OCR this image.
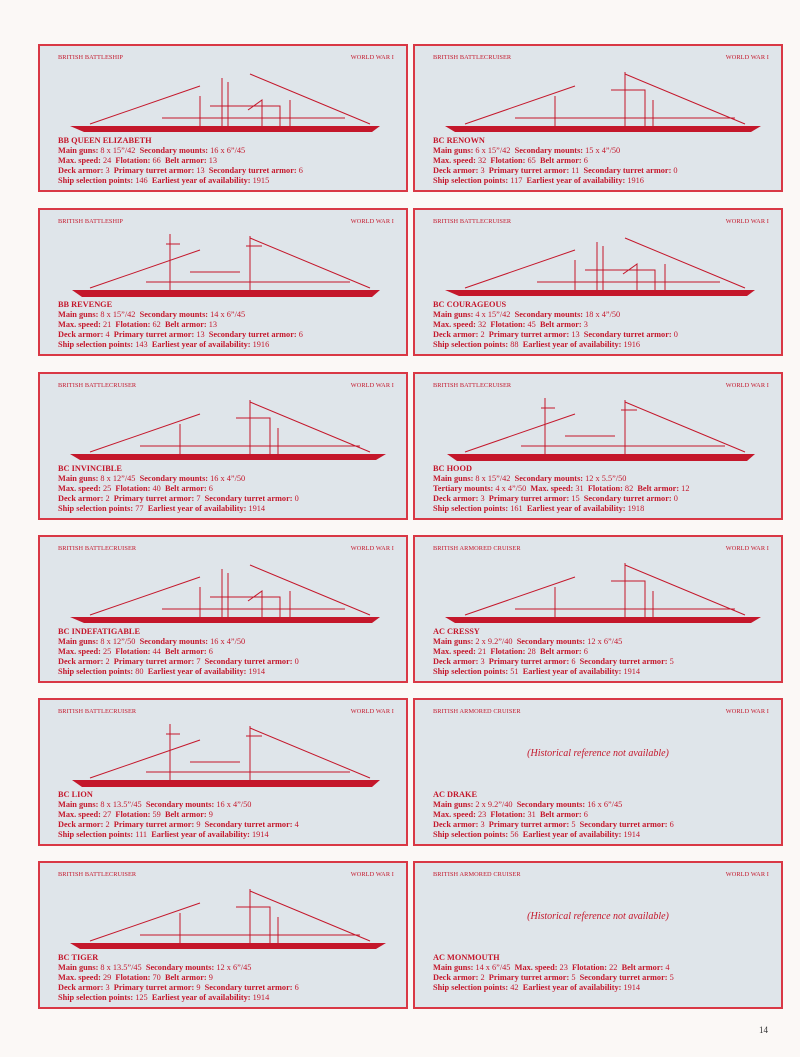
BRITISH BATTLESHIP	WORLD WAR I
BB QUEEN ELIZABETH
Main guns: 8 x 15”/42 Secondary mounts: 16 x 6”/45
Max. speed: 24 Flotation: 66 Belt armor: 13
Deck armor: 3 Primary turret armor: 13 Secondary turret armor: 6
Ship selection points: 146 Earliest year of availability: 1915
BRITISH BATTLECRUISER	WORLD WAR I
BC RENOWN
Main guns: 6 x 15”/42 Secondary mounts: 15 x 4”/50
Max. speed: 32 Flotation: 65 Belt armor: 6
Deck armor: 3 Primary turret armor: 11 Secondary turret armor: 0
Ship selection points: 117 Earliest year of availability: 1916
BRITISH BATTLESHIP	WORLD WAR I
BB REVENGE
Main guns: 8 x 15”/42 Secondary mounts: 14 x 6”/45
Max. speed: 21 Flotation: 62 Belt armor: 13
Deck armor: 4 Primary turret armor: 13 Secondary turret armor: 6
Ship selection points: 143 Earliest year of availability: 1916
BRITISH BATTLECRUISER	WORLD WAR I
BC COURAGEOUS
Main guns: 4 x 15”/42 Secondary mounts: 18 x 4”/50
Max. speed: 32 Flotation: 45 Belt armor: 3
Deck armor: 2 Primary turret armor: 13 Secondary turret armor: 0
Ship selection points: 88 Earliest year of availability: 1916
BRITISH BATTLECRUISER	WORLD WAR I
BC INVINCIBLE
Main guns: 8 x 12”/45 Secondary mounts: 16 x 4”/50
Max. speed: 25 Flotation: 40 Belt armor: 6
Deck armor: 2 Primary turret armor: 7 Secondary turret armor: 0
Ship selection points: 77 Earliest year of availability: 1914
BRITISH BATTLECRUISER	WORLD WAR I
BC HOOD
Main guns: 8 x 15”/42 Secondary mounts: 12 x 5.5”/50
Tertiary mounts: 4 x 4”/50 Max. speed: 31 Flotation: 82 Belt armor: 12
Deck armor: 3 Primary turret armor: 15 Secondary turret armor: 0
Ship selection points: 161 Earliest year of availability: 1918
BRITISH BATTLECRUISER	WORLD WAR I
BC INDEFATIGABLE
Main guns: 8 x 12”/50 Secondary mounts: 16 x 4”/50
Max. speed: 25 Flotation: 44 Belt armor: 6
Deck armor: 2 Primary turret armor: 7 Secondary turret armor: 0
Ship selection points: 80 Earliest year of availability: 1914
BRITISH ARMORED CRUISER	WORLD WAR I
AC CRESSY
Main guns: 2 x 9.2”/40 Secondary mounts: 12 x 6”/45
Max. speed: 21 Flotation: 28 Belt armor: 6
Deck armor: 3 Primary turret armor: 6 Secondary turret armor: 5
Ship selection points: 51 Earliest year of availability: 1914
BRITISH BATTLECRUISER	WORLD WAR I
BC LION
Main guns: 8 x 13.5”/45 Secondary mounts: 16 x 4”/50
Max. speed: 27 Flotation: 59 Belt armor: 9
Deck armor: 2 Primary turret armor: 9 Secondary turret armor: 4
Ship selection points: 111 Earliest year of availability: 1914
BRITISH ARMORED CRUISER	WORLD WAR I
(Historical reference not available)
AC DRAKE
Main guns: 2 x 9.2”/40 Secondary mounts: 16 x 6”/45
Max. speed: 23 Flotation: 31 Belt armor: 6
Deck armor: 3 Primary turret armor: 5 Secondary turret armor: 6
Ship selection points: 56 Earliest year of availability: 1914
BRITISH BATTLECRUISER	WORLD WAR I
BC TIGER
Main guns: 8 x 13.5”/45 Secondary mounts: 12 x 6”/45
Max. speed: 29 Flotation: 70 Belt armor: 9
Deck armor: 3 Primary turret armor: 9 Secondary turret armor: 6
Ship selection points: 125 Earliest year of availability: 1914
BRITISH ARMORED CRUISER	WORLD WAR I
(Historical reference not available)
AC MONMOUTH
Main guns: 14 x 6”/45 Max. speed: 23 Flotation: 22 Belt armor: 4
Deck armor: 2 Primary turret armor: 5 Secondary turret armor: 5
Ship selection points: 42 Earliest year of availability: 1914
14
